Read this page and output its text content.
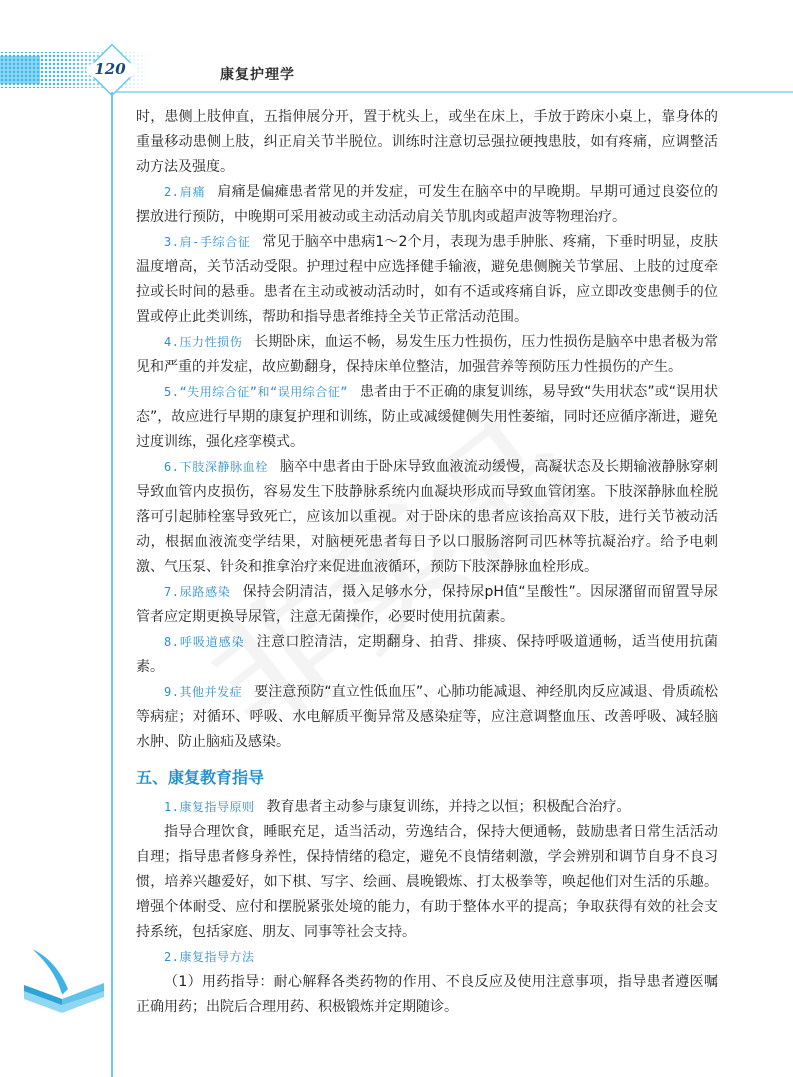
120	康复护理学

时，患侧上肢伸直，五指伸展分开，置于枕头上，或坐在床上，手放于跨床小桌上，靠身体的重量移动患侧上肢，纠正肩关节半脱位。训练时注意切忌强拉硬拽患肢，如有疼痛，应调整活动方法及强度。

2.肩痛 肩痛是偏瘫患者常见的并发症，可发生在脑卒中的早晚期。早期可通过良姿位的摆放进行预防，中晚期可采用被动或主动活动肩关节肌肉或超声波等物理治疗。

3.肩-手综合征 常见于脑卒中患病1～2个月，表现为患手肿胀、疼痛，下垂时明显，皮肤温度增高，关节活动受限。护理过程中应选择健手输液，避免患侧腕关节掌屈、上肢的过度牵拉或长时间的悬垂。患者在主动或被动活动时，如有不适或疼痛自诉，应立即改变患侧手的位置或停止此类训练，帮助和指导患者维持全关节正常活动范围。

4.压力性损伤 长期卧床，血运不畅，易发生压力性损伤，压力性损伤是脑卒中患者极为常见和严重的并发症，故应勤翻身，保持床单位整洁，加强营养等预防压力性损伤的产生。

5.“失用综合征”和“误用综合征” 患者由于不正确的康复训练，易导致“失用状态”或“误用状态”，故应进行早期的康复护理和训练，防止或减缓健侧失用性萎缩，同时还应循序渐进，避免过度训练，强化痉挛模式。

6.下肢深静脉血栓 脑卒中患者由于卧床导致血液流动缓慢，高凝状态及长期输液静脉穿刺导致血管内皮损伤，容易发生下肢静脉系统内血凝块形成而导致血管闭塞。下肢深静脉血栓脱落可引起肺栓塞导致死亡，应该加以重视。对于卧床的患者应该抬高双下肢，进行关节被动活动，根据血液流变学结果，对脑梗死患者每日予以口服肠溶阿司匹林等抗凝治疗。给予电刺激、气压泵、针灸和推拿治疗来促进血液循环，预防下肢深静脉血栓形成。

7.尿路感染 保持会阴清洁，摄入足够水分，保持尿pH值“呈酸性”。因尿潴留而留置导尿管者应定期更换导尿管，注意无菌操作，必要时使用抗菌素。

8.呼吸道感染 注意口腔清洁，定期翻身、拍背、排痰、保持呼吸道通畅，适当使用抗菌素。

9.其他并发症 要注意预防“直立性低血压”、心肺功能减退、神经肌肉反应减退、骨质疏松等病症；对循环、呼吸、水电解质平衡异常及感染症等，应注意调整血压、改善呼吸、减轻脑水肿、防止脑疝及感染。

五、康复教育指导

1.康复指导原则 教育患者主动参与康复训练，并持之以恒；积极配合治疗。

指导合理饮食，睡眠充足，适当活动，劳逸结合，保持大便通畅，鼓励患者日常生活活动自理；指导患者修身养性，保持情绪的稳定，避免不良情绪刺激，学会辨别和调节自身不良习惯，培养兴趣爱好，如下棋、写字、绘画、晨晚锻炼、打太极拳等，唤起他们对生活的乐趣。增强个体耐受、应付和摆脱紧张处境的能力，有助于整体水平的提高；争取获得有效的社会支持系统，包括家庭、朋友、同事等社会支持。

2.康复指导方法

（1）用药指导：耐心解释各类药物的作用、不良反应及使用注意事项，指导患者遵医嘱正确用药；出院后合理用药、积极锻炼并定期随诊。
